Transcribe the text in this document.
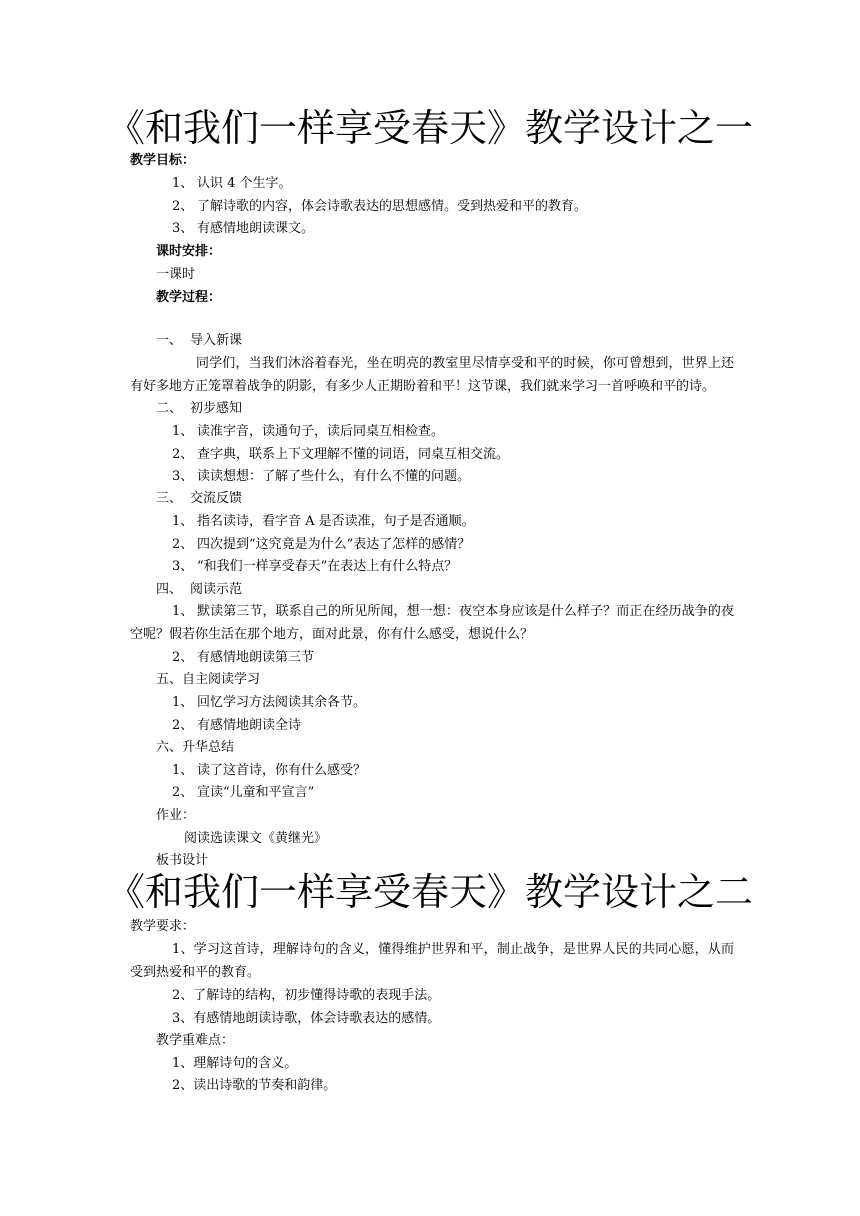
《和我们一样享受春天》教学设计之一
教学目标：
1、 认识 4 个生字。
2、 了解诗歌的内容，体会诗歌表达的思想感情。受到热爱和平的教育。
3、 有感情地朗读课文。
课时安排：
一课时
教学过程：
一、 导入新课
同学们，当我们沐浴着春光，坐在明亮的教室里尽情享受和平的时候，你可曾想到，世界上还有好多地方正笼罩着战争的阴影，有多少人正期盼着和平！这节课，我们就来学习一首呼唤和平的诗。
二、 初步感知
1、 读准字音，读通句子，读后同桌互相检查。
2、 查字典，联系上下文理解不懂的词语，同桌互相交流。
3、 读读想想：了解了些什么，有什么不懂的问题。
三、 交流反馈
1、 指名读诗，看字音 A 是否读准，句子是否通顺。
2、 四次提到“这究竟是为什么”表达了怎样的感情？
3、 “和我们一样享受春天”在表达上有什么特点？
四、 阅读示范
1、 默读第三节，联系自己的所见所闻，想一想：夜空本身应该是什么样子？而正在经历战争的夜空呢？假若你生活在那个地方，面对此景，你有什么感受，想说什么？
2、 有感情地朗读第三节
五、自主阅读学习
1、 回忆学习方法阅读其余各节。
2、 有感情地朗读全诗
六、升华总结
1、 读了这首诗，你有什么感受？
2、 宣读“儿童和平宣言”
作业：
阅读选读课文《黄继光》
板书设计
《和我们一样享受春天》教学设计之二
教学要求：
1、学习这首诗，理解诗句的含义，懂得维护世界和平，制止战争，是世界人民的共同心愿，从而受到热爱和平的教育。
2、了解诗的结构，初步懂得诗歌的表现手法。
3、有感情地朗读诗歌，体会诗歌表达的感情。
教学重难点：
1、理解诗句的含义。
2、读出诗歌的节奏和韵律。
